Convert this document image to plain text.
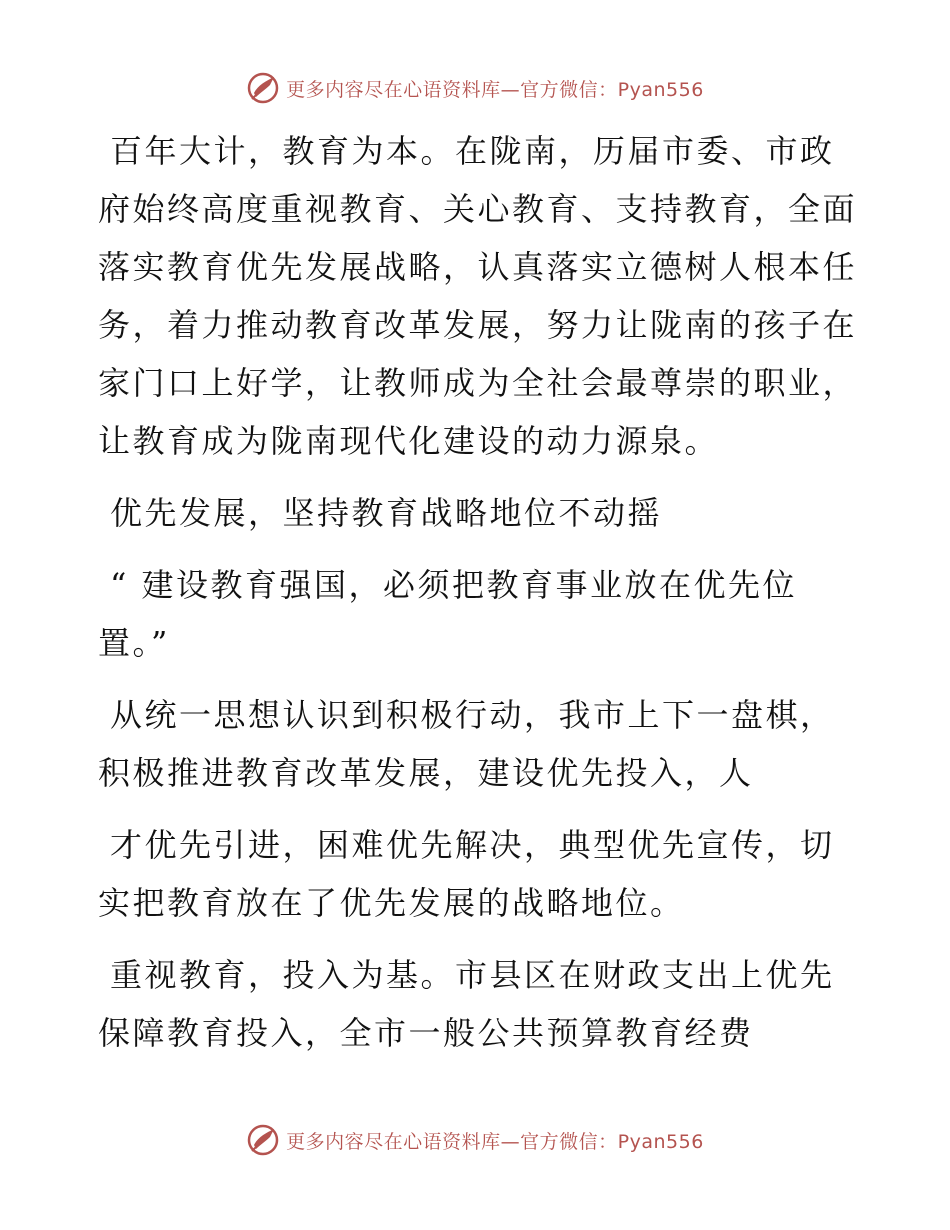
更多内容尽在心语资料库—官方微信：Pyan556

百年大计，教育为本。在陇南，历届市委、市政
府始终高度重视教育、关心教育、支持教育，全面
落实教育优先发展战略，认真落实立德树人根本任
务，着力推动教育改革发展，努力让陇南的孩子在
家门口上好学，让教师成为全社会最尊崇的职业，
让教育成为陇南现代化建设的动力源泉。

优先发展，坚持教育战略地位不动摇

“ 建设教育强国，必须把教育事业放在优先位
置。”

从统一思想认识到积极行动，我市上下一盘棋，
积极推进教育改革发展，建设优先投入，人

才优先引进，困难优先解决，典型优先宣传，切
实把教育放在了优先发展的战略地位。

重视教育，投入为基。市县区在财政支出上优先
保障教育投入，全市一般公共预算教育经费

更多内容尽在心语资料库—官方微信：Pyan556
